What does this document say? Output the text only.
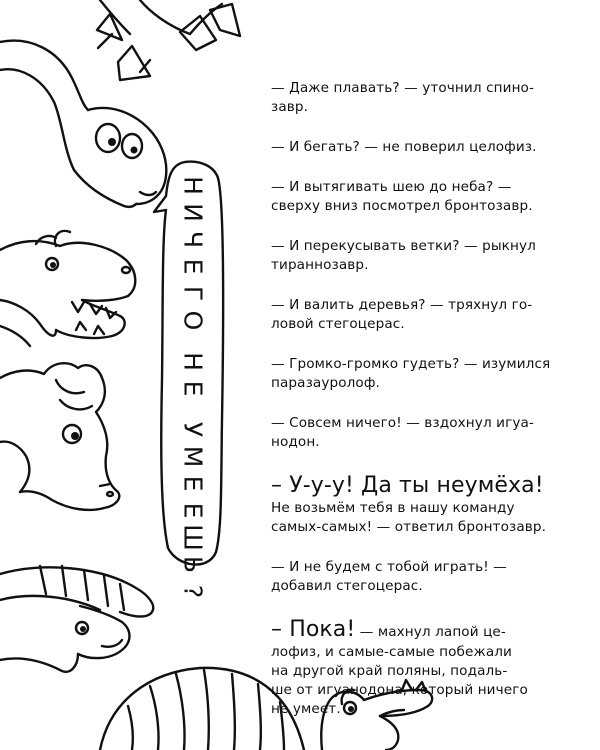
Н
И
Ч
Е
Г
О
Н
Е
У
М
Е
Е
Ш
Ь
?

— Даже плавать? — уточнил спино-
завр.

— И бегать? — не поверил целофиз.

— И вытягивать шею до неба? —
сверху вниз посмотрел бронтозавр.

— И перекусывать ветки? — рыкнул
тираннозавр.

— И валить деревья? — тряхнул го-
ловой стегоцерас.

— Громко-громко гудеть? — изумился
паразауролоф.

— Совсем ничего! — вздохнул игуа-
нодон.

– У-у-у! Да ты неумёха!
Не возьмём тебя в нашу команду
самых-самых! — ответил бронтозавр.

— И не будем с тобой играть! —
добавил стегоцерас.

– Пока! — махнул лапой це-
лофиз, и самые-самые побежали
на другой край поляны, подаль-
ше от игуанодона, который ничего
не умеет.
